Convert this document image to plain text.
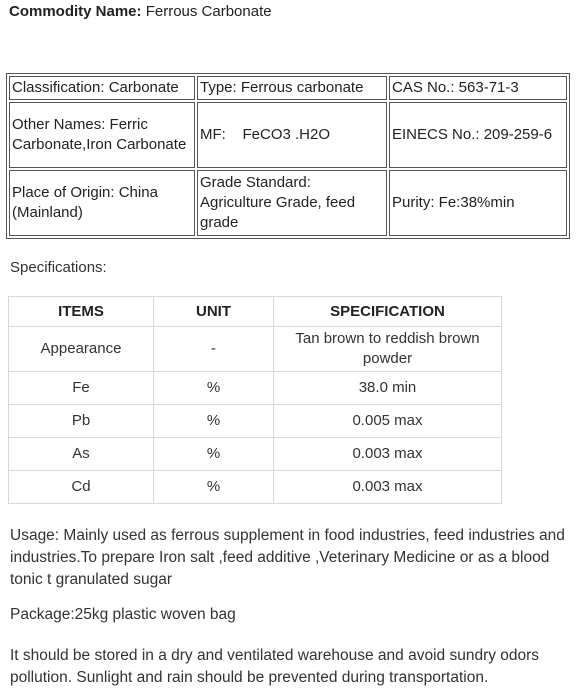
Commodity Name: Ferrous Carbonate
Classification: Carbonate	Type: Ferrous carbonate	CAS No.: 563-71-3
Other Names: Ferric Carbonate,Iron Carbonate	MF:    FeCO3 .H2O	EINECS No.: 209-259-6
Place of Origin: China (Mainland)	Grade Standard: Agriculture Grade, feed grade	Purity: Fe:38%min
Specifications:
ITEMS	UNIT	SPECIFICATION
Appearance	-	Tan brown to reddish brown powder
Fe	%	38.0 min
Pb	%	0.005 max
As	%	0.003 max
Cd	%	0.003 max
Usage: Mainly used as ferrous supplement in food industries, feed industries and industries.To prepare Iron salt ,feed additive ,Veterinary Medicine or as a blood tonic t granulated sugar
Package:25kg plastic woven bag
It should be stored in a dry and ventilated warehouse and avoid sundry odors pollution. Sunlight and rain should be prevented during transportation.
